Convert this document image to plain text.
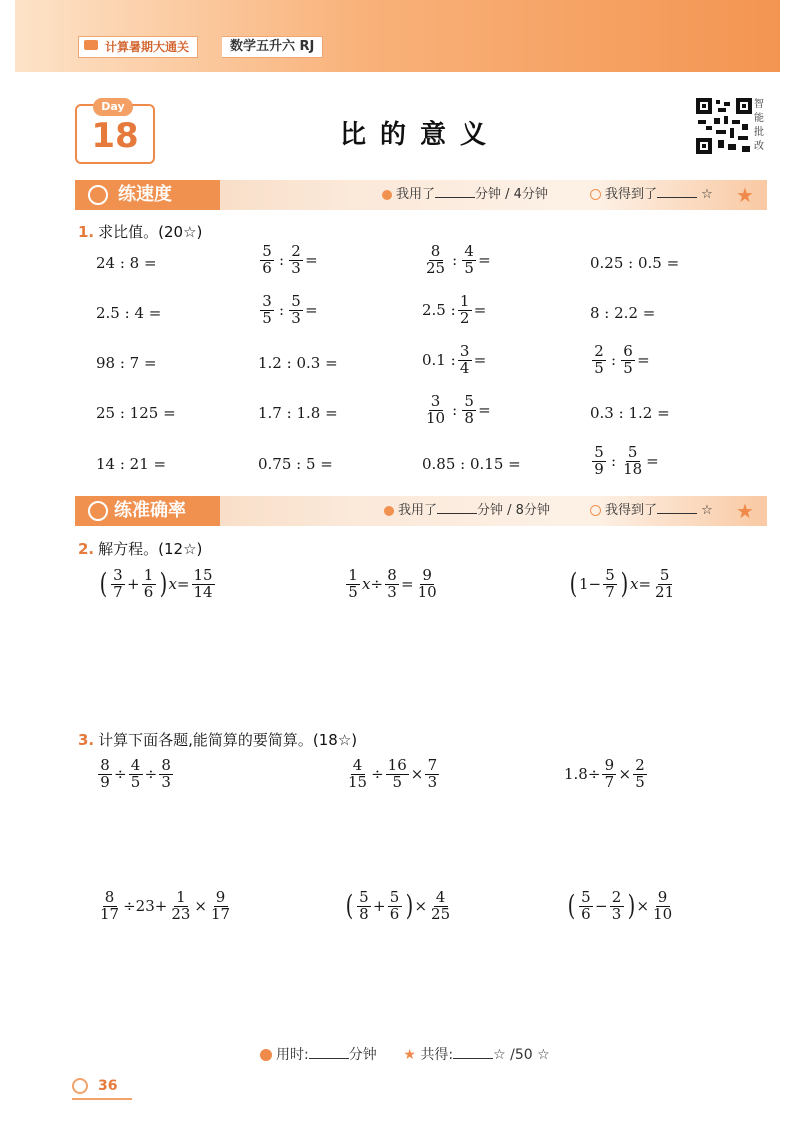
计算暑期大通关	数学五升六 RJ
Day
18	比的意义
智能批改
练速度	我用了	分钟 / 4分钟	我得到了	☆ ★
1. 求比值。(20☆)
24 : 8 =	$\frac{5}{6}$ : $\frac{2}{3}$ =	$\frac{8}{25}$ : $\frac{4}{5}$ =	0.25 : 0.5 =
2.5 : 4 =	$\frac{3}{5}$ : $\frac{5}{3}$ =	2.5 : $\frac{1}{2}$ =	8 : 2.2 =
98 : 7 =	1.2 : 0.3 =	0.1 : $\frac{3}{4}$ =	$\frac{2}{5}$ : $\frac{6}{5}$ =
25 : 125 =	1.7 : 1.8 =	$\frac{3}{10}$ : $\frac{5}{8}$ =	0.3 : 1.2 =
14 : 21 =	0.75 : 5 =	0.85 : 0.15 =	$\frac{5}{9}$ : $\frac{5}{18}$ =
练准确率	我用了	分钟 / 8分钟	我得到了	☆ ★
2. 解方程。(12☆)
( $\frac{3}{7} + \frac{1}{6}$ ) $x = \frac{15}{14}$	$\frac{1}{5}$ $x \div \frac{8}{3} = \frac{9}{10}$	( $1- \frac{5}{7}$ ) $x = \frac{5}{21}$
3. 计算下面各题,能简算的要简算。(18☆)
$\frac{8}{9} \div \frac{4}{5} \div \frac{8}{3}$	$\frac{4}{15} \div \frac{16}{5} \times \frac{7}{3}$	$1.8\div \frac{9}{7} \times \frac{2}{5}$
$\frac{8}{17} \div 23+ \frac{1}{23} \times \frac{9}{17}$	( $\frac{5}{8} + \frac{5}{6}$ ) × $\frac{4}{25}$	( $\frac{5}{6} - \frac{2}{3}$ ) × $\frac{9}{10}$
用时:	分钟 ★ 共得:	☆ /50 ☆
36
